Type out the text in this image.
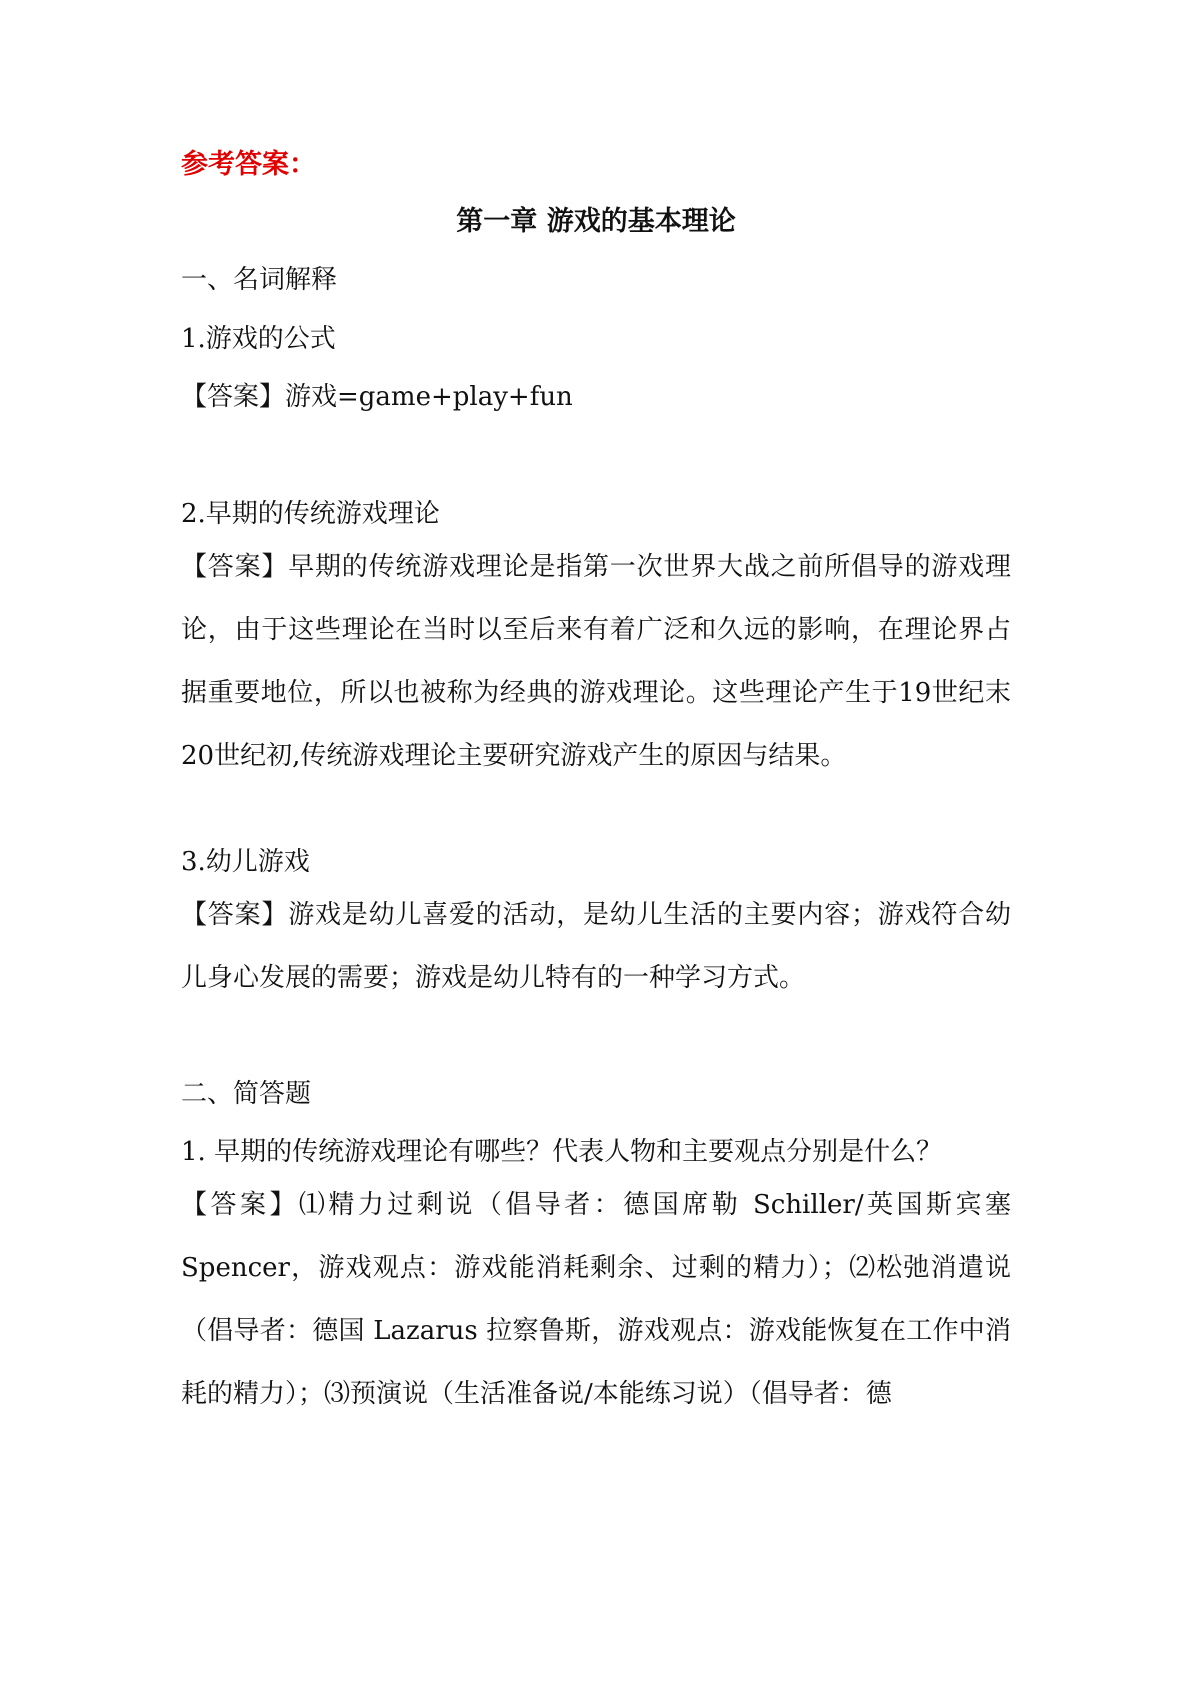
参考答案：
第一章 游戏的基本理论
一、名词解释
1.游戏的公式
【答案】游戏=game+play+fun
2.早期的传统游戏理论
【答案】早期的传统游戏理论是指第一次世界大战之前所倡导的游戏理论，由于这些理论在当时以至后来有着广泛和久远的影响，在理论界占据重要地位，所以也被称为经典的游戏理论。这些理论产生于19世纪末20世纪初,传统游戏理论主要研究游戏产生的原因与结果。
3.幼儿游戏
【答案】游戏是幼儿喜爱的活动，是幼儿生活的主要内容；游戏符合幼儿身心发展的需要；游戏是幼儿特有的一种学习方式。
二、简答题
1. 早期的传统游戏理论有哪些？代表人物和主要观点分别是什么？
【答案】⑴精力过剩说（倡导者：德国席勒 Schiller/英国斯宾塞 Spencer，游戏观点：游戏能消耗剩余、过剩的精力）；⑵松弛消遣说（倡导者：德国 Lazarus 拉察鲁斯，游戏观点：游戏能恢复在工作中消耗的精力）；⑶预演说（生活准备说/本能练习说）（倡导者：德
